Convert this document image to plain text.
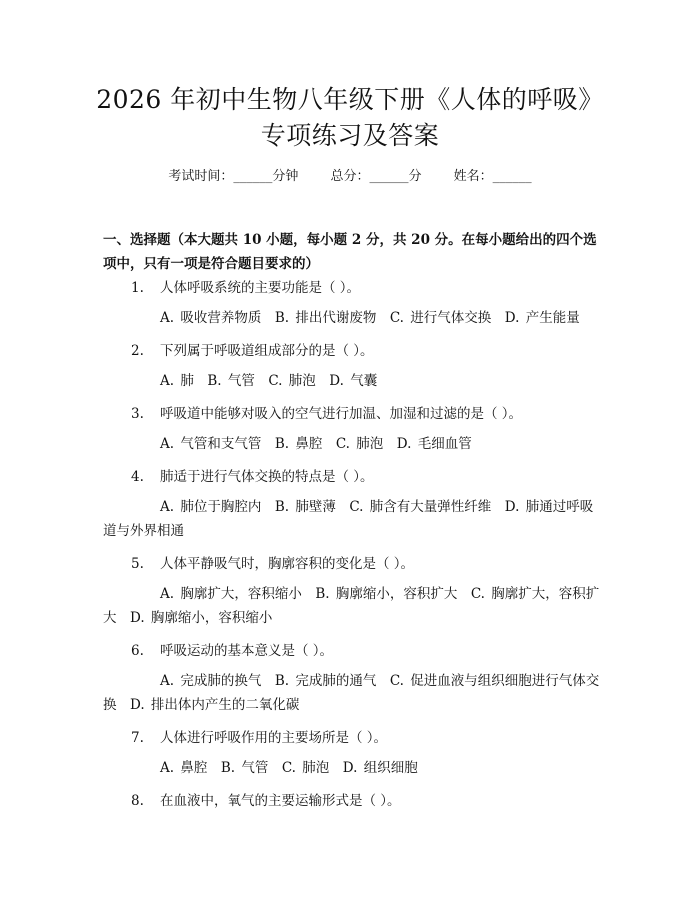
2026 年初中生物八年级下册《人体的呼吸》
专项练习及答案
考试时间：______分钟 总分：______分 姓名：______

一、选择题（本大题共 10 小题，每小题 2 分，共 20 分。在每小题给出的四个选项中，只有一项是符合题目要求的）

1.	人体呼吸系统的主要功能是（ ）。
A. 吸收营养物质　B. 排出代谢废物　C. 进行气体交换　D. 产生能量
2.	下列属于呼吸道组成部分的是（ ）。
A. 肺　B. 气管　C. 肺泡　D. 气囊
3.	呼吸道中能够对吸入的空气进行加温、加湿和过滤的是（ ）。
A. 气管和支气管　B. 鼻腔　C. 肺泡　D. 毛细血管
4.	肺适于进行气体交换的特点是（ ）。
A. 肺位于胸腔内　B. 肺壁薄　C. 肺含有大量弹性纤维　D. 肺通过呼吸道与外界相通
5.	人体平静吸气时，胸廓容积的变化是（ ）。
A. 胸廓扩大，容积缩小　B. 胸廓缩小，容积扩大　C. 胸廓扩大，容积扩大　D. 胸廓缩小，容积缩小
6.	呼吸运动的基本意义是（ ）。
A. 完成肺的换气　B. 完成肺的通气　C. 促进血液与组织细胞进行气体交换　D. 排出体内产生的二氧化碳
7.	人体进行呼吸作用的主要场所是（ ）。
A. 鼻腔　B. 气管　C. 肺泡　D. 组织细胞
8.	在血液中，氧气的主要运输形式是（ ）。
